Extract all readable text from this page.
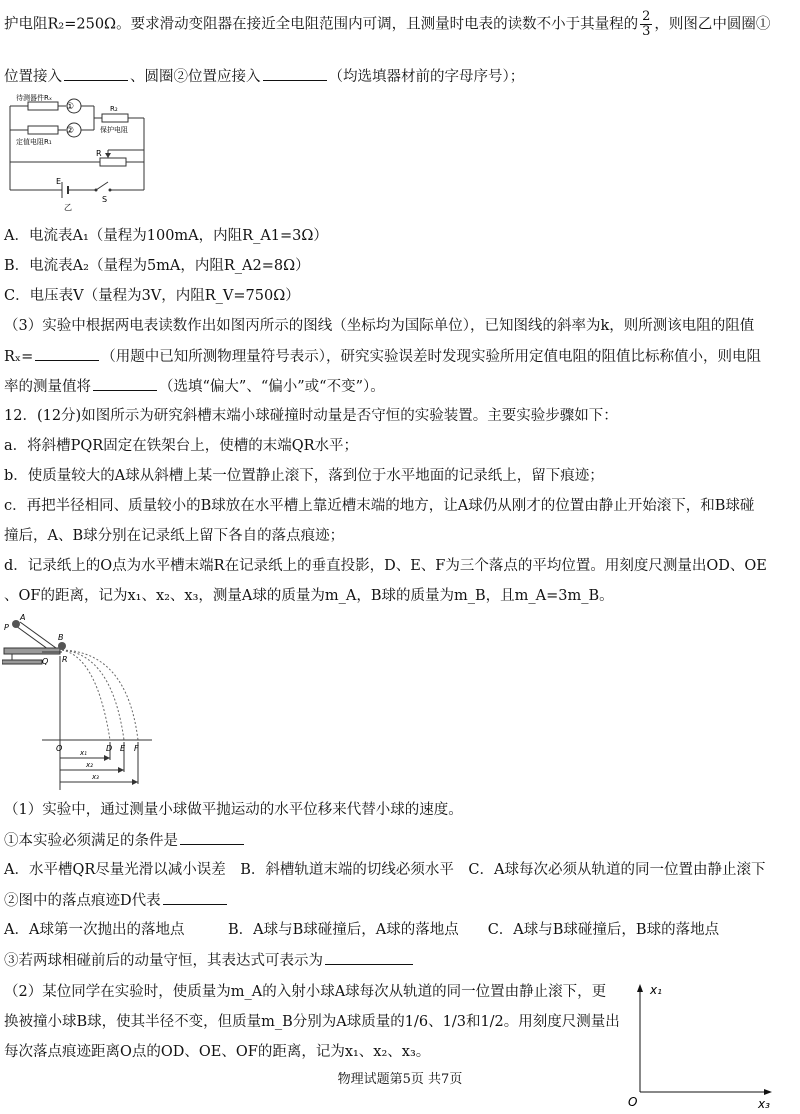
护电阻R₂=250Ω。要求滑动变阻器在接近全电阻范围内可调，且测量时电表的读数不小于其量程的 $\frac{2}{3}$ ，则图乙中圆圈①
位置接入	、圆圈②位置应接入	（均选填器材前的字母序号）；
待测器件Rₓ
定值电阻R₁
R₂
保护电阻
R
E
S
①
②
乙
A．电流表A₁（量程为100mA，内阻R_A1=3Ω）
B．电流表A₂（量程为5mA，内阻R_A2=8Ω）
C．电压表V（量程为3V，内阻R_V=750Ω）
（3）实验中根据两电表读数作出如图丙所示的图线（坐标均为国际单位），已知图线的斜率为k，则所测该电阻的阻值
Rₓ=	（用题中已知所测物理量符号表示），研究实验误差时发现实验所用定值电阻的阻值比标称值小，则电阻
率的测量值将	（选填“偏大”、“偏小”或“不变”）。
12．(12分)如图所示为研究斜槽末端小球碰撞时动量是否守恒的实验装置。主要实验步骤如下：
a．将斜槽PQR固定在铁架台上，使槽的末端QR水平；
b．使质量较大的A球从斜槽上某一位置静止滚下，落到位于水平地面的记录纸上，留下痕迹；
c．再把半径相同、质量较小的B球放在水平槽上靠近槽末端的地方，让A球仍从刚才的位置由静止开始滚下，和B球碰
撞后，A、B球分别在记录纸上留下各自的落点痕迹；
d．记录纸上的O点为水平槽末端R在记录纸上的垂直投影，D、E、F为三个落点的平均位置。用刻度尺测量出OD、OE
、OF的距离，记为x₁、x₂、x₃，测量A球的质量为m_A，B球的质量为m_B，且m_A=3m_B。
A
P
B
Q R
O	D E F
x₁
x₂
x₃
（1）实验中，通过测量小球做平抛运动的水平位移来代替小球的速度。
①本实验必须满足的条件是
A．水平槽QR尽量光滑以减小误差　B．斜槽轨道末端的切线必须水平　C．A球每次必须从轨道的同一位置由静止滚下
②图中的落点痕迹D代表
A．A球第一次抛出的落地点　　　B．A球与B球碰撞后，A球的落地点　　C．A球与B球碰撞后，B球的落地点
③若两球相碰前后的动量守恒，其表达式可表示为
（2）某位同学在实验时，使质量为m_A的入射小球A球每次从轨道的同一位置由静止滚下，更
换被撞小球B球，使其半径不变，但质量m_B分别为A球质量的1/6、1/3和1/2。用刻度尺测量出
每次落点痕迹距离O点的OD、OE、OF的距离，记为x₁、x₂、x₃。
x₁
x₃
O
物理试题第5页 共7页
